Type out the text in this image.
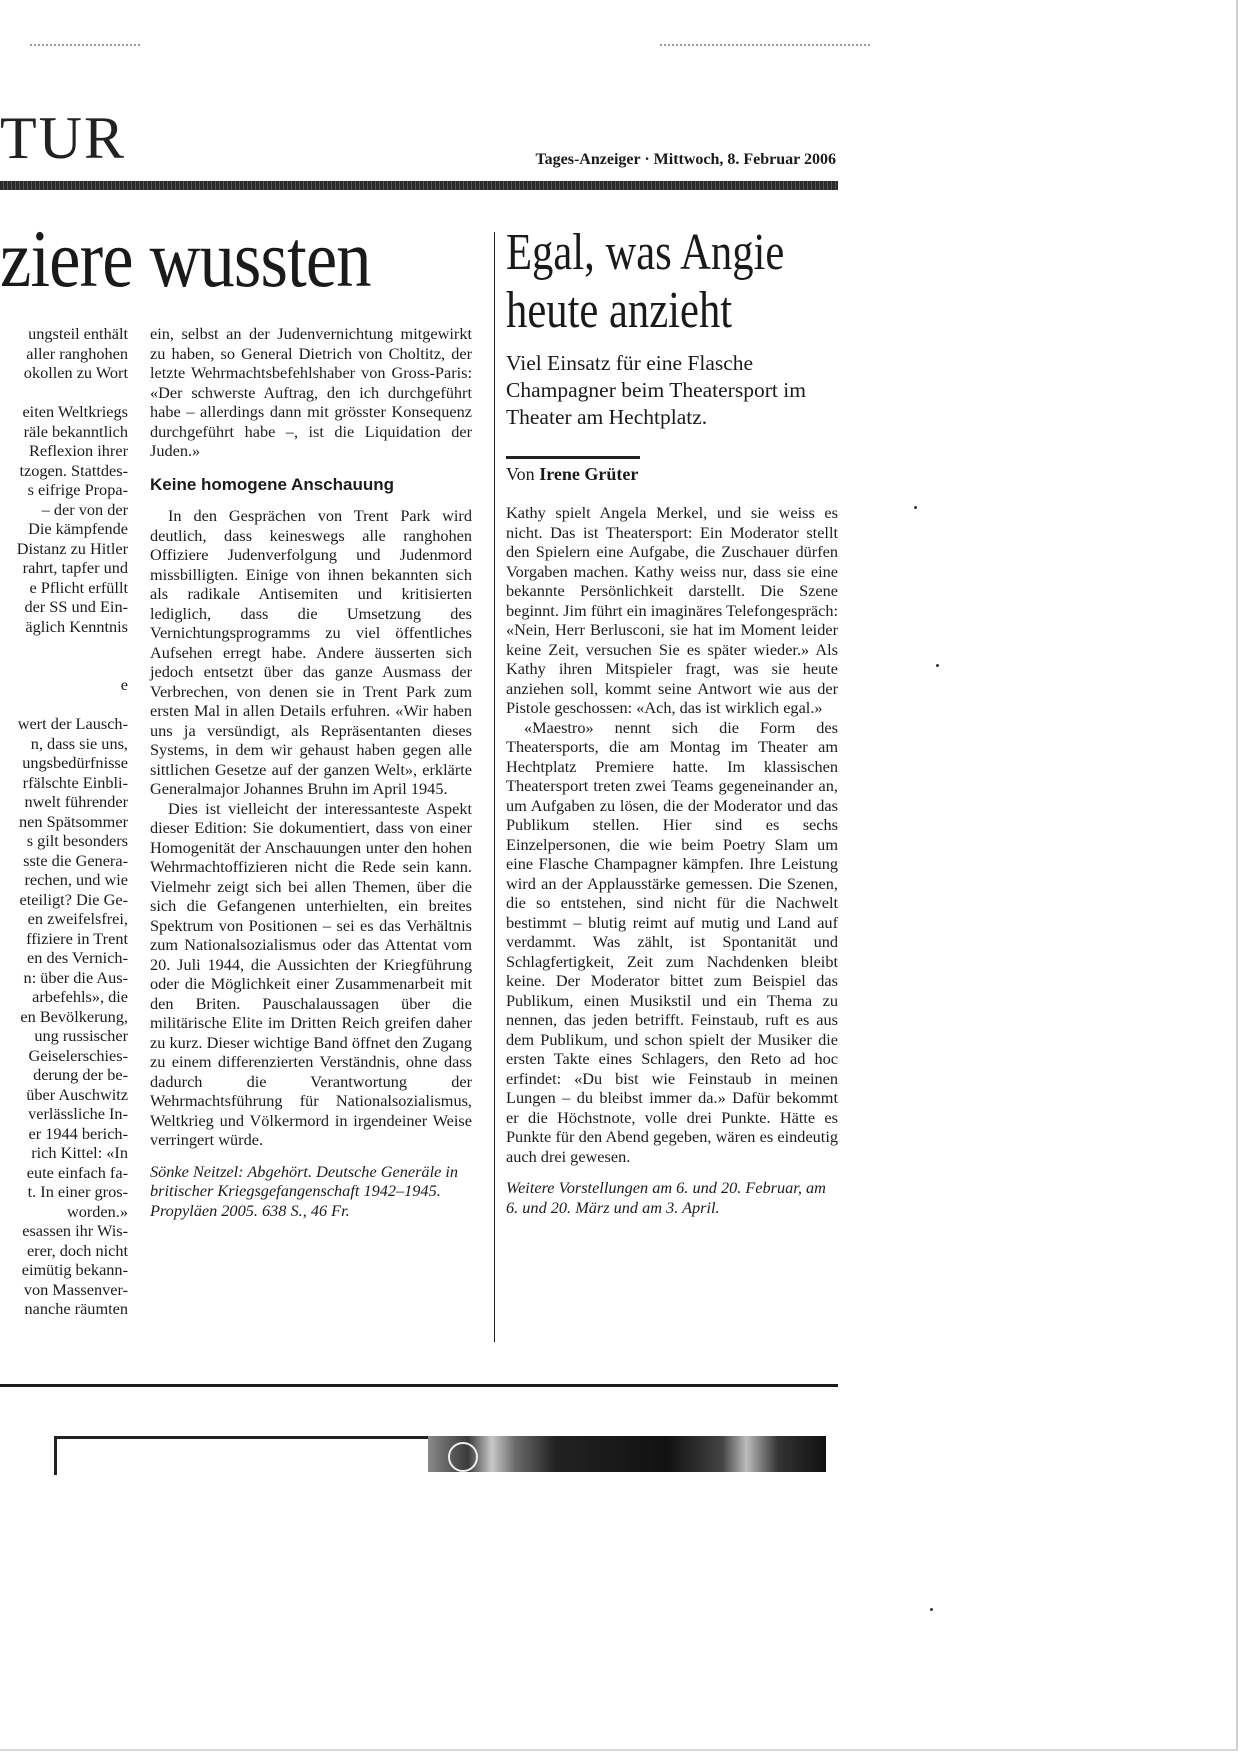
TUR	Tages-Anzeiger · Mittwoch, 8. Februar 2006
ziere wussten
ungsteil enthält
aller ranghohen
okollen zu Wort

eiten Weltkriegs
räle bekanntlich
Reflexion ihrer
tzogen. Stattdes-
s eifrige Propa-
– der von der
Die kämpfende
Distanz zu Hitler
rahrt, tapfer und
e Pflicht erfüllt
der SS und Ein-
äglich Kenntnis

e

wert der Lausch-
n, dass sie uns,
ungsbedürfnisse
rfälschte Einbli-
nwelt führender
nen Spätsommer
s gilt besonders
sste die Genera-
rechen, und wie
eteiligt? Die Ge-
en zweifelsfrei,
ffiziere in Trent
en des Vernich-
n: über die Aus-
arbefehls», die
en Bevölkerung,
ung russischer
Geiselerschies-
derung der be-
über Auschwitz
verlässliche In-
er 1944 berich-
rich Kittel: «In
eute einfach fa-
t. In einer gros-
worden.»
esassen ihr Wis-
erer, doch nicht
eimütig bekann-
von Massenver-
nanche räumten

ein, selbst an der Judenvernichtung mitgewirkt zu haben, so General Dietrich von Choltitz, der letzte Wehrmachtsbefehlshaber von Gross-Paris: «Der schwerste Auftrag, den ich durchgeführt habe – allerdings dann mit grösster Konsequenz durchgeführt habe –, ist die Liquidation der Juden.»

Keine homogene Anschauung

In den Gesprächen von Trent Park wird deutlich, dass keineswegs alle ranghohen Offiziere Judenverfolgung und Judenmord missbilligten. Einige von ihnen bekannten sich als radikale Antisemiten und kritisierten lediglich, dass die Umsetzung des Vernichtungsprogramms zu viel öffentliches Aufsehen erregt habe. Andere äusserten sich jedoch entsetzt über das ganze Ausmass der Verbrechen, von denen sie in Trent Park zum ersten Mal in allen Details erfuhren. «Wir haben uns ja versündigt, als Repräsentanten dieses Systems, in dem wir gehaust haben gegen alle sittlichen Gesetze auf der ganzen Welt», erklärte Generalmajor Johannes Bruhn im April 1945.

Dies ist vielleicht der interessanteste Aspekt dieser Edition: Sie dokumentiert, dass von einer Homogenität der Anschauungen unter den hohen Wehrmachtoffizieren nicht die Rede sein kann. Vielmehr zeigt sich bei allen Themen, über die sich die Gefangenen unterhielten, ein breites Spektrum von Positionen – sei es das Verhältnis zum Nationalsozialismus oder das Attentat vom 20. Juli 1944, die Aussichten der Kriegführung oder die Möglichkeit einer Zusammenarbeit mit den Briten. Pauschalaussagen über die militärische Elite im Dritten Reich greifen daher zu kurz. Dieser wichtige Band öffnet den Zugang zu einem differenzierten Verständnis, ohne dass dadurch die Verantwortung der Wehrmachtsführung für Nationalsozialismus, Weltkrieg und Völkermord in irgendeiner Weise verringert würde.

Sönke Neitzel: Abgehört. Deutsche Generäle in britischer Kriegsgefangenschaft 1942–1945. Propyläen 2005. 638 S., 46 Fr.

Egal, was Angie
heute anzieht
Viel Einsatz für eine Flasche Champagner beim Theatersport im Theater am Hechtplatz.
Von Irene Grüter

Kathy spielt Angela Merkel, und sie weiss es nicht. Das ist Theatersport: Ein Moderator stellt den Spielern eine Aufgabe, die Zuschauer dürfen Vorgaben machen. Kathy weiss nur, dass sie eine bekannte Persönlichkeit darstellt. Die Szene beginnt. Jim führt ein imaginäres Telefongespräch: «Nein, Herr Berlusconi, sie hat im Moment leider keine Zeit, versuchen Sie es später wieder.» Als Kathy ihren Mitspieler fragt, was sie heute anziehen soll, kommt seine Antwort wie aus der Pistole geschossen: «Ach, das ist wirklich egal.»

«Maestro» nennt sich die Form des Theatersports, die am Montag im Theater am Hechtplatz Premiere hatte. Im klassischen Theatersport treten zwei Teams gegeneinander an, um Aufgaben zu lösen, die der Moderator und das Publikum stellen. Hier sind es sechs Einzelpersonen, die wie beim Poetry Slam um eine Flasche Champagner kämpfen. Ihre Leistung wird an der Applausstärke gemessen. Die Szenen, die so entstehen, sind nicht für die Nachwelt bestimmt – blutig reimt auf mutig und Land auf verdammt. Was zählt, ist Spontanität und Schlagfertigkeit, Zeit zum Nachdenken bleibt keine. Der Moderator bittet zum Beispiel das Publikum, einen Musikstil und ein Thema zu nennen, das jeden betrifft. Feinstaub, ruft es aus dem Publikum, und schon spielt der Musiker die ersten Takte eines Schlagers, den Reto ad hoc erfindet: «Du bist wie Feinstaub in meinen Lungen – du bleibst immer da.» Dafür bekommt er die Höchstnote, volle drei Punkte. Hätte es Punkte für den Abend gegeben, wären es eindeutig auch drei gewesen.

Weitere Vorstellungen am 6. und 20. Februar, am 6. und 20. März und am 3. April.
